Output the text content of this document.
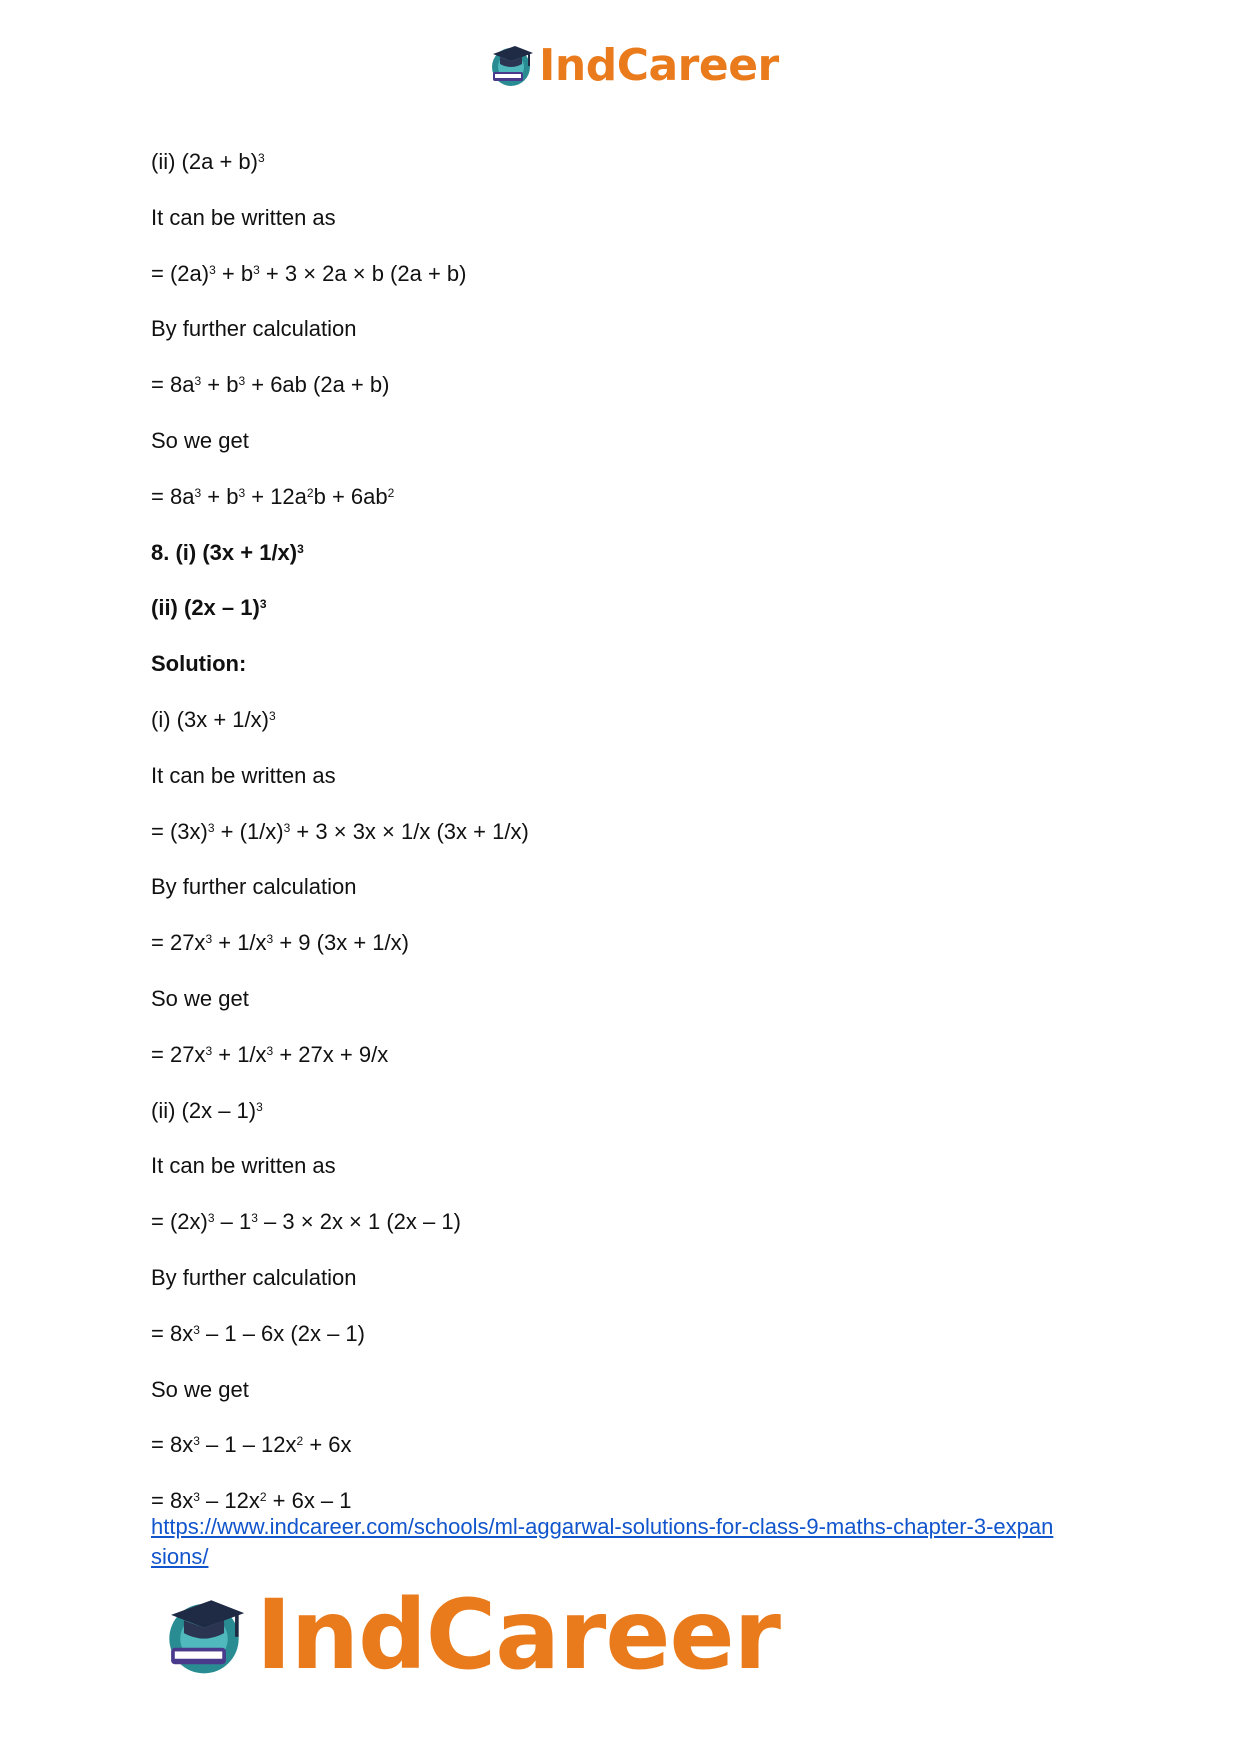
IndCareer
(ii) $(2a + b)^3$
It can be written as
= $(2a)^3 + b^3 + 3 \times 2a \times b$ (2a + b)
By further calculation
= $8a^3 + b^3 + 6ab$ (2a + b)
So we get
= $8a^3 + b^3 + 12a^2b + 6ab^2$
8. (i) $(3x + 1/x)^3$
(ii) (2x – 1)$^3$
Solution:
(i) $(3x + 1/x)^3$
It can be written as
= $(3x)^3 + (1/x)^3 + 3 \times 3x \times 1/x$ (3x + 1/x)
By further calculation
= $27x^3 + 1/x^3 + 9$ (3x + 1/x)
So we get
= $27x^3 + 1/x^3 + 27x + 9/x$
(ii) (2x – 1)$^3$
It can be written as
= $(2x)^3 - 1^3 - 3 \times 2x \times 1$ (2x – 1)
By further calculation
= $8x^3 - 1 - 6x$ (2x – 1)
So we get
= $8x^3 - 1 - 12x^2 + 6x$
= $8x^3 - 12x^2 + 6x - 1$
https://www.indcareer.com/schools/ml-aggarwal-solutions-for-class-9-maths-chapter-3-expan
sions/
IndCareer
